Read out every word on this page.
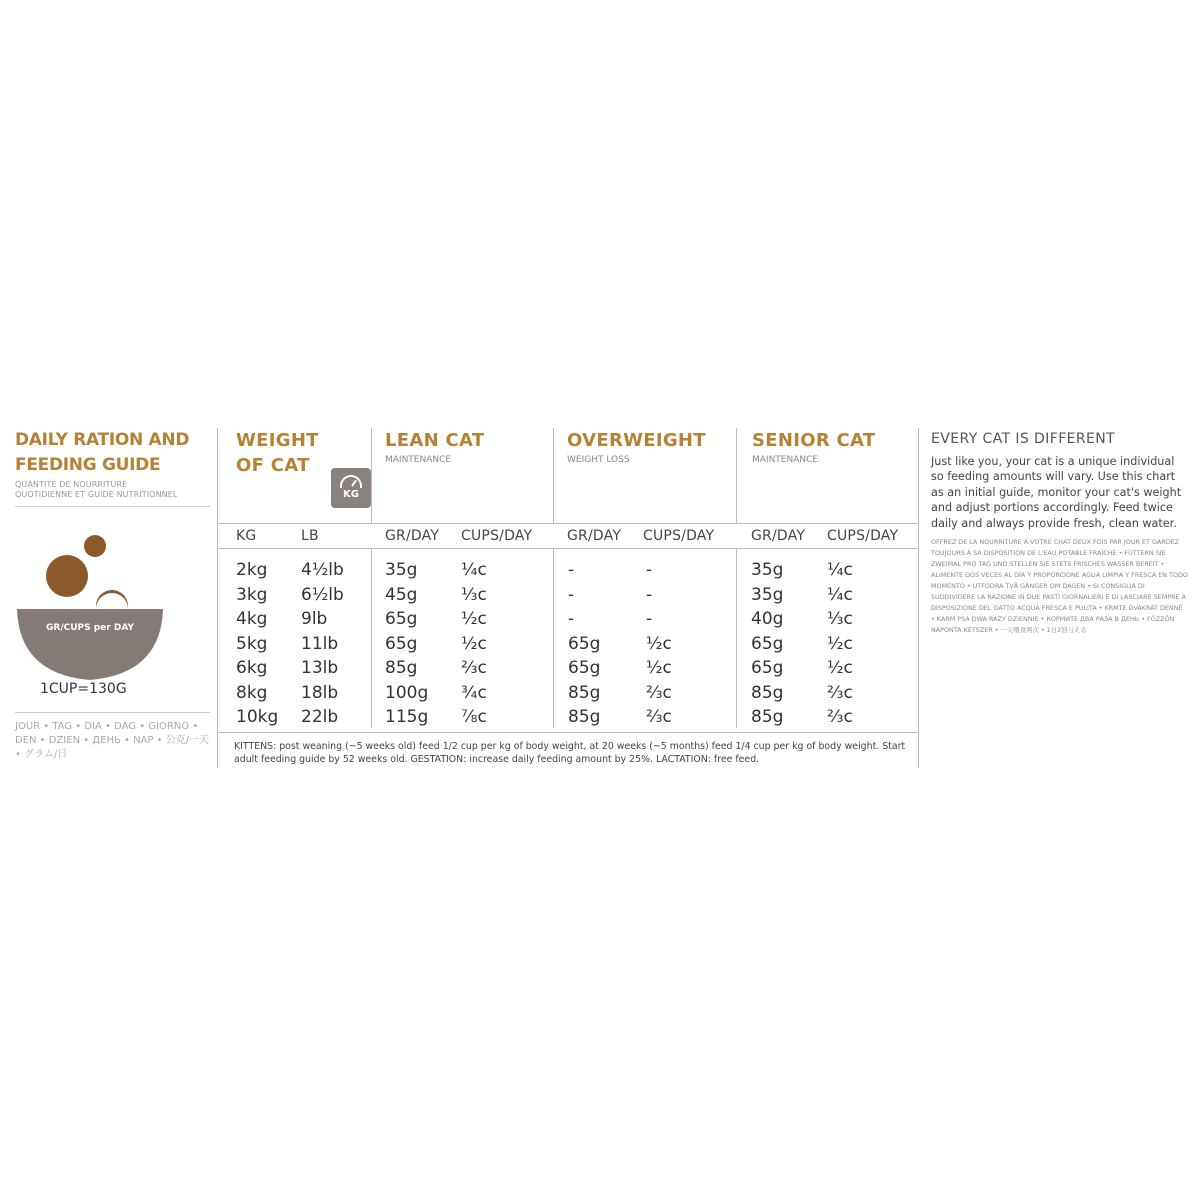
DAILY RATION AND
FEEDING GUIDE
QUANTITÉ DE NOURRITURE
QUOTIDIENNE ET GUIDE NUTRITIONNEL
GR/CUPS per DAY
1CUP=130G
JOUR • TAG • DIA • DAG • GIORNO • DEN • DZIEN • ДЕНЬ • NAP • 公克/一天 • グラム/日
WEIGHT
OF CAT
KG
LEAN CAT
MAINTENANCE
OVERWEIGHT
WEIGHT LOSS
SENIOR CAT
MAINTENANCE
KG	LB	GR/DAY CUPS/DAY GR/DAY CUPS/DAY	GR/DAY CUPS/DAY
2kg 4½lb 35g	¼c	-	-	35g	¼c
3kg 6½lb 45g	⅓c	-	-	35g	¼c
4kg 9lb	65g	½c	-	-	40g	⅓c
5kg 11lb	65g	½c	65g	½c	65g	½c
6kg 13lb	85g	⅔c	65g	½c	65g	½c
8kg 18lb	100g ¾c	85g	⅔c	85g	⅔c
10kg 22lb	115g ⅞c	85g	⅔c	85g	⅔c
KITTENS: post weaning (~5 weeks old) feed 1/2 cup per kg of body weight, at 20 weeks (~5 months) feed 1/4 cup per kg of body weight. Start adult feeding guide by 52 weeks old. GESTATION: increase daily feeding amount by 25%. LACTATION: free feed.
EVERY CAT IS DIFFERENT
Just like you, your cat is a unique individual so feeding amounts will vary. Use this chart as an initial guide, monitor your cat's weight and adjust portions accordingly. Feed twice daily and always provide fresh, clean water.
OFFREZ DE LA NOURRITURE À VOTRE CHAT DEUX FOIS PAR JOUR ET GARDEZ TOUJOURS À SA DISPOSITION DE L'EAU POTABLE FRAÎCHE • FÜTTERN SIE ZWEIMAL PRO TAG UND STELLEN SIE STETS FRISCHES WASSER BEREIT • ALIMENTE DOS VECES AL DÍA Y PROPORCIONE AGUA LIMPIA Y FRESCA EN TODO MOMENTO • UTFODRA TVÅ GÅNGER OM DAGEN • SI CONSIGLIA DI SUDDIVIDERE LA RAZIONE IN DUE PASTI GIORNALIERI E DI LASCIARE SEMPRE A DISPOSIZIONE DEL GATTO ACQUA FRESCA E PULITA • KRMTE DVAKRÁT DENNĚ • KARM PSA DWA RAZY DZIENNIE • КОРМИТЕ ДВА РАЗА В ДЕНЬ • FŐZZÖN NAPONTA KÉTSZER • 一天喂食两次 • 1日2回与える
